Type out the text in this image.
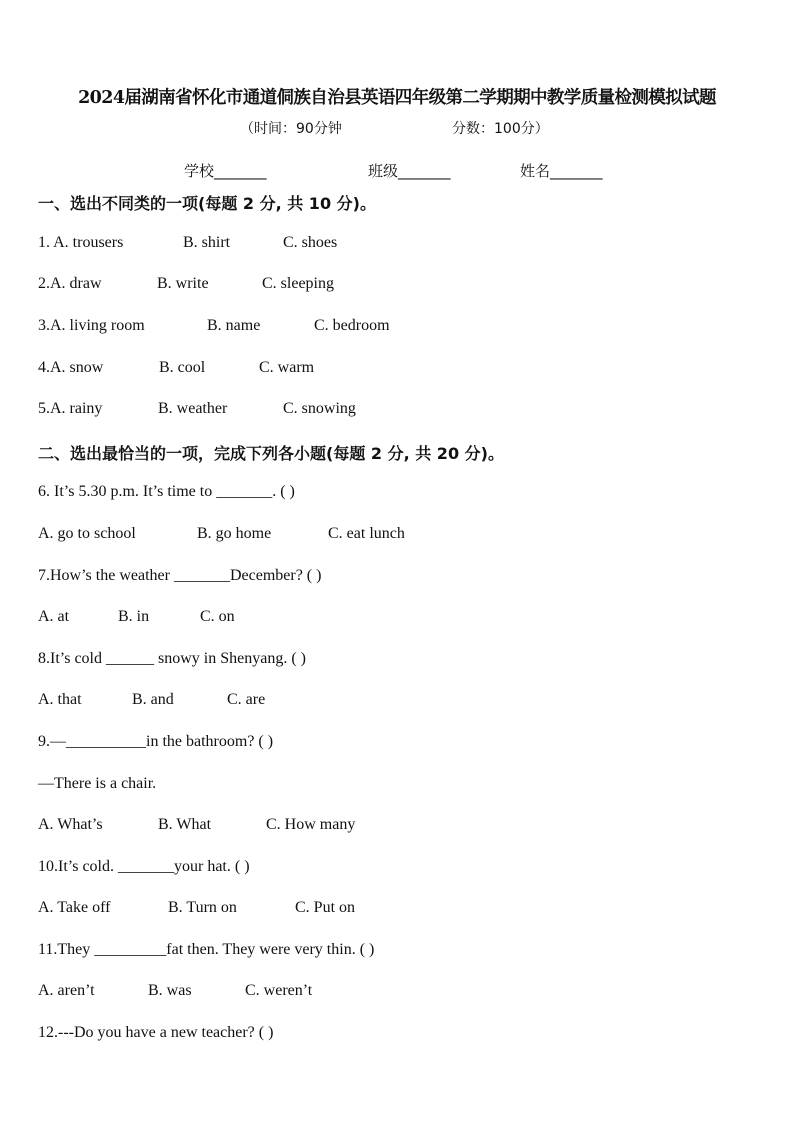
2024届湖南省怀化市通道侗族自治县英语四年级第二学期期中教学质量检测模拟试题
（时间：90分钟	分数：100分）
学校_______	班级_______	姓名_______
一、选出不同类的一项(每题 2 分, 共 10 分)。
1. A. trousers	B. shirt	C. shoes
2.A. draw	B. write	C. sleeping
3.A. living room	B. name	C. bedroom
4.A. snow	B. cool	C. warm
5.A. rainy	B. weather	C. snowing
二、选出最恰当的一项，完成下列各小题(每题 2 分, 共 20 分)。
6. It’s 5.30 p.m. It’s time to _______. ( )
A. go to school	B. go home	C. eat lunch
7.How’s the weather _______December? ( )
A. at	B. in	C. on
8.It’s cold ______ snowy in Shenyang. ( )
A. that	B. and	C. are
9.—__________in the bathroom? ( )
—There is a chair.
A. What’s	B. What	C. How many
10.It’s cold. _______your hat. ( )
A. Take off	B. Turn on	C. Put on
11.They _________fat then. They were very thin. ( )
A. aren’t	B. was	C. weren’t
12.---Do you have a new teacher? ( )
